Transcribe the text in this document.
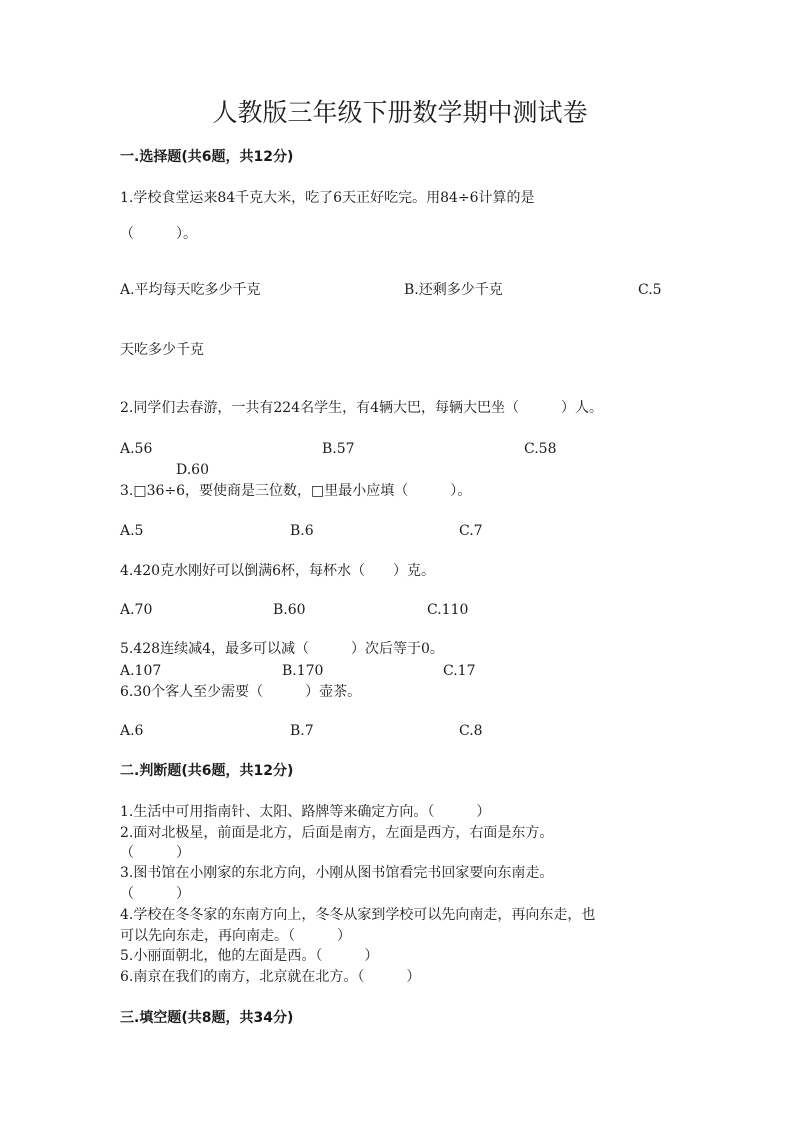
人教版三年级下册数学期中测试卷
一.选择题(共6题，共12分)
1.学校食堂运来84千克大米，吃了6天正好吃完。用84÷6计算的是
（　　　）。
A.平均每天吃多少千克	B.还剩多少千克	C.5
天吃多少千克
2.同学们去春游，一共有224名学生，有4辆大巴，每辆大巴坐（　　　）人。
A.56	B.57	C.58
D.60
3.□36÷6，要使商是三位数，□里最小应填（　　　）。
A.5	B.6	C.7
4.420克水刚好可以倒满6杯，每杯水（　　）克。
A.70	B.60	C.110
5.428连续减4，最多可以减（　　　）次后等于0。
A.107	B.170	C.17
6.30个客人至少需要（　　　）壶茶。
A.6	B.7	C.8
二.判断题(共6题，共12分)
1.生活中可用指南针、太阳、路牌等来确定方向。（　　　）
2.面对北极星，前面是北方，后面是南方，左面是西方，右面是东方。
（　　　）
3.图书馆在小刚家的东北方向，小刚从图书馆看完书回家要向东南走。
（　　　）
4.学校在冬冬家的东南方向上，冬冬从家到学校可以先向南走，再向东走，也
可以先向东走，再向南走。（　　　）
5.小丽面朝北，他的左面是西。（　　　）
6.南京在我们的南方，北京就在北方。（　　　）
三.填空题(共8题，共34分)
